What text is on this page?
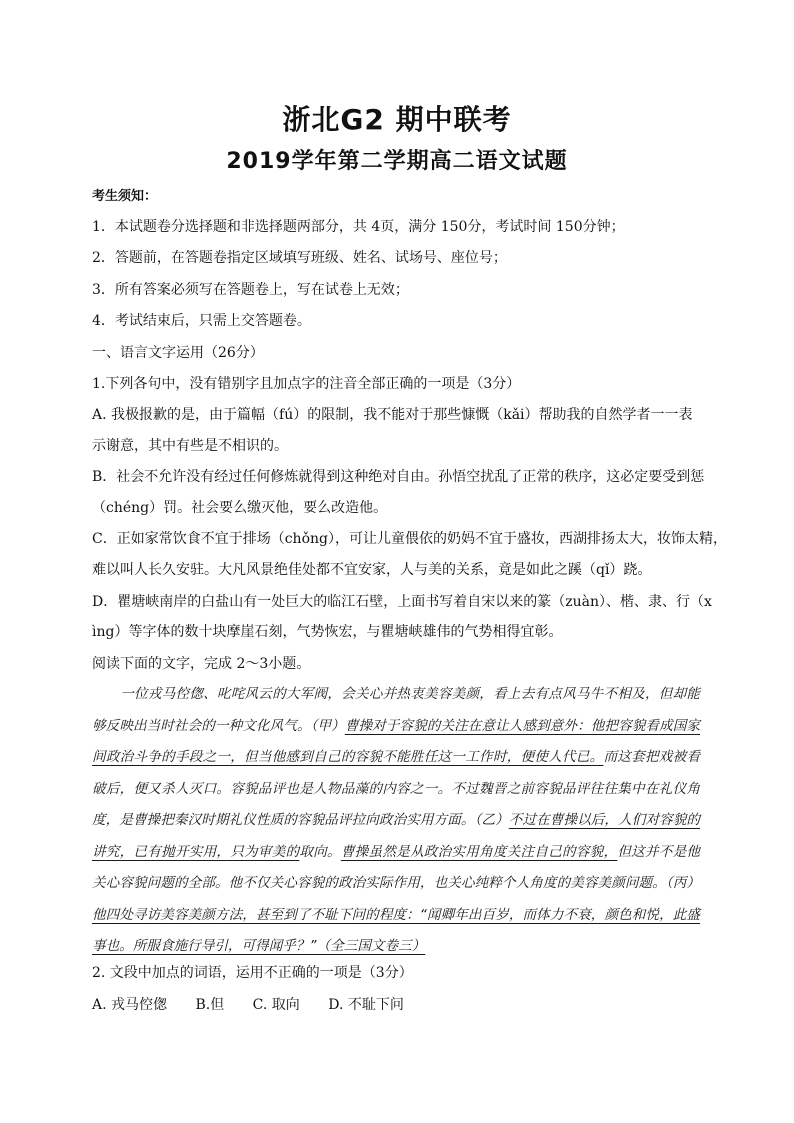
浙北G2 期中联考
2019学年第二学期高二语文试题
考生须知：
1．本试题卷分选择题和非选择题两部分，共 4页，满分 150分，考试时间 150分钟；
2．答题前，在答题卷指定区域填写班级、姓名、试场号、座位号；
3．所有答案必须写在答题卷上，写在试卷上无效；
4．考试结束后，只需上交答题卷。
一、语言文字运用（26分）
1.下列各句中，没有错别字且加点字的注音全部正确的一项是（3分）
A. 我极报歉的是，由于篇幅（fú）的限制，我不能对于那些慷慨（kǎi）帮助我的自然学者一一表
示谢意，其中有些是不相识的。
B．社会不允许没有经过任何修炼就得到这种绝对自由。孙悟空扰乱了正常的秩序，这必定要受到惩
（chéng）罚。社会要么缴灭他，要么改造他。
C．正如家常饮食不宜于排场（chǒng），可让儿童偎依的奶妈不宜于盛妆，西湖排扬太大，妆饰太精，
难以叫人长久安驻。大凡风景绝佳处都不宜安家，人与美的关系，竟是如此之蹊（qǐ）跷。
D．瞿塘峡南岸的白盐山有一处巨大的临江石壁，上面书写着自宋以来的篆（zuàn）、楷、隶、行（x
ìng）等字体的数十块摩崖石刻，气势恢宏，与瞿塘峡雄伟的气势相得宜彰。
阅读下面的文字，完成 2～3小题。
一位戎马倥偬、叱咤风云的大军阀，会关心并热衷美容美颜，看上去有点风马牛不相及，但却能够反映出当时社会的一种文化风气。（甲）曹操对于容貌的关注在意让人感到意外：他把容貌看成国家间政治斗争的手段之一，但当他感到自己的容貌不能胜任这一工作时，便使人代已。而这套把戏被看破后，便又杀人灭口。容貌品评也是人物品藻的内容之一。不过魏晋之前容貌品评往往集中在礼仪角度，是曹操把秦汉时期礼仪性质的容貌品评拉向政治实用方面。（乙）不过在曹操以后，人们对容貌的讲究，已有抛开实用，只为审美的取向。曹操虽然是从政治实用角度关注自己的容貌，但这并不是他关心容貌问题的全部。他不仅关心容貌的政治实际作用，也关心纯粹个人角度的美容美颜问题。（丙）他四处寻访美容美颜方法，甚至到了不耻下问的程度：“闻卿年出百岁，而体力不衰，颜色和悦，此盛事也。所服食施行导引，可得闻乎？”（全三国文卷三）
2. 文段中加点的词语，运用不正确的一项是（3分）
A. 戎马倥偬 B.但 C. 取向 D. 不耻下问
